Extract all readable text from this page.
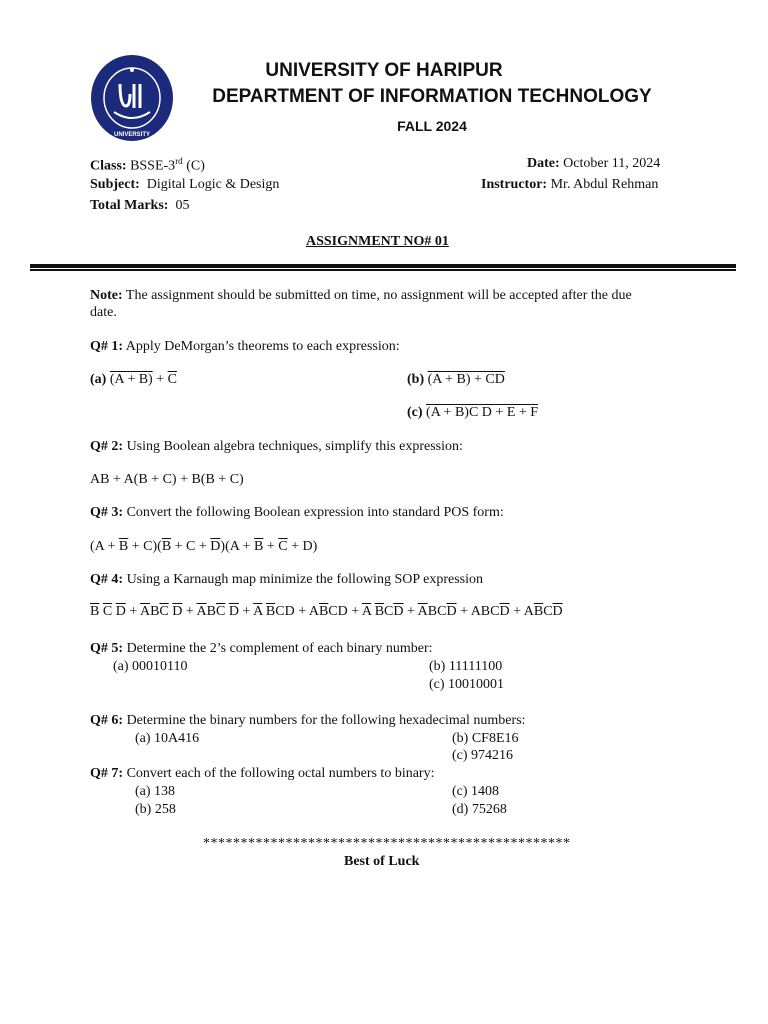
UNIVERSITY
UNIVERSITY OF HARIPUR
DEPARTMENT OF INFORMATION TECHNOLOGY
FALL 2024
Class: BSSE-3rd (C)
Subject: Digital Logic & Design
Total Marks: 05
Date: October 11, 2024
Instructor: Mr. Abdul Rehman
ASSIGNMENT NO# 01
Note: The assignment should be submitted on time, no assignment will be accepted after the due
date.
Q# 1: Apply DeMorgan’s theorems to each expression:
(a) $(A + B) + \overline{C}$	(b) (A + B) + CD
(c) (A + B)C D + E + F
Q# 2: Using Boolean algebra techniques, simplify this expression:
AB + A(B + C) + B(B + C)
Q# 3: Convert the following Boolean expression into standard POS form:
$(A + \overline{B} + C)(\overline{B} + C + \overline{D})(A + \overline{B} + \overline{C} + D)$
Q# 4: Using a Karnaugh map minimize the following SOP expression
$\overline{B}$ $\overline{C}$ $\overline{D} + \overline{A}B\overline{C}$ $\overline{D} + \overline{A}B\overline{C}$ $\overline{D} + \overline{A}$ $\overline{B}CD + A\overline{B}CD + \overline{A}$ $\overline{B}C\overline{D} + \overline{A}BC\overline{D} + ABC\overline{D} + A\overline{B}C\overline{D}$
Q# 5: Determine the 2’s complement of each binary number:
(a) 00010110	(b) 11111100
(c) 10010001
Q# 6: Determine the binary numbers for the following hexadecimal numbers:
(a) 10A416	(b) CF8E16
(c) 974216
Q# 7: Convert each of the following octal numbers to binary:
(a) 138
(b) 258
(c) 1408
(d) 75268
*************************************************
Best of Luck
